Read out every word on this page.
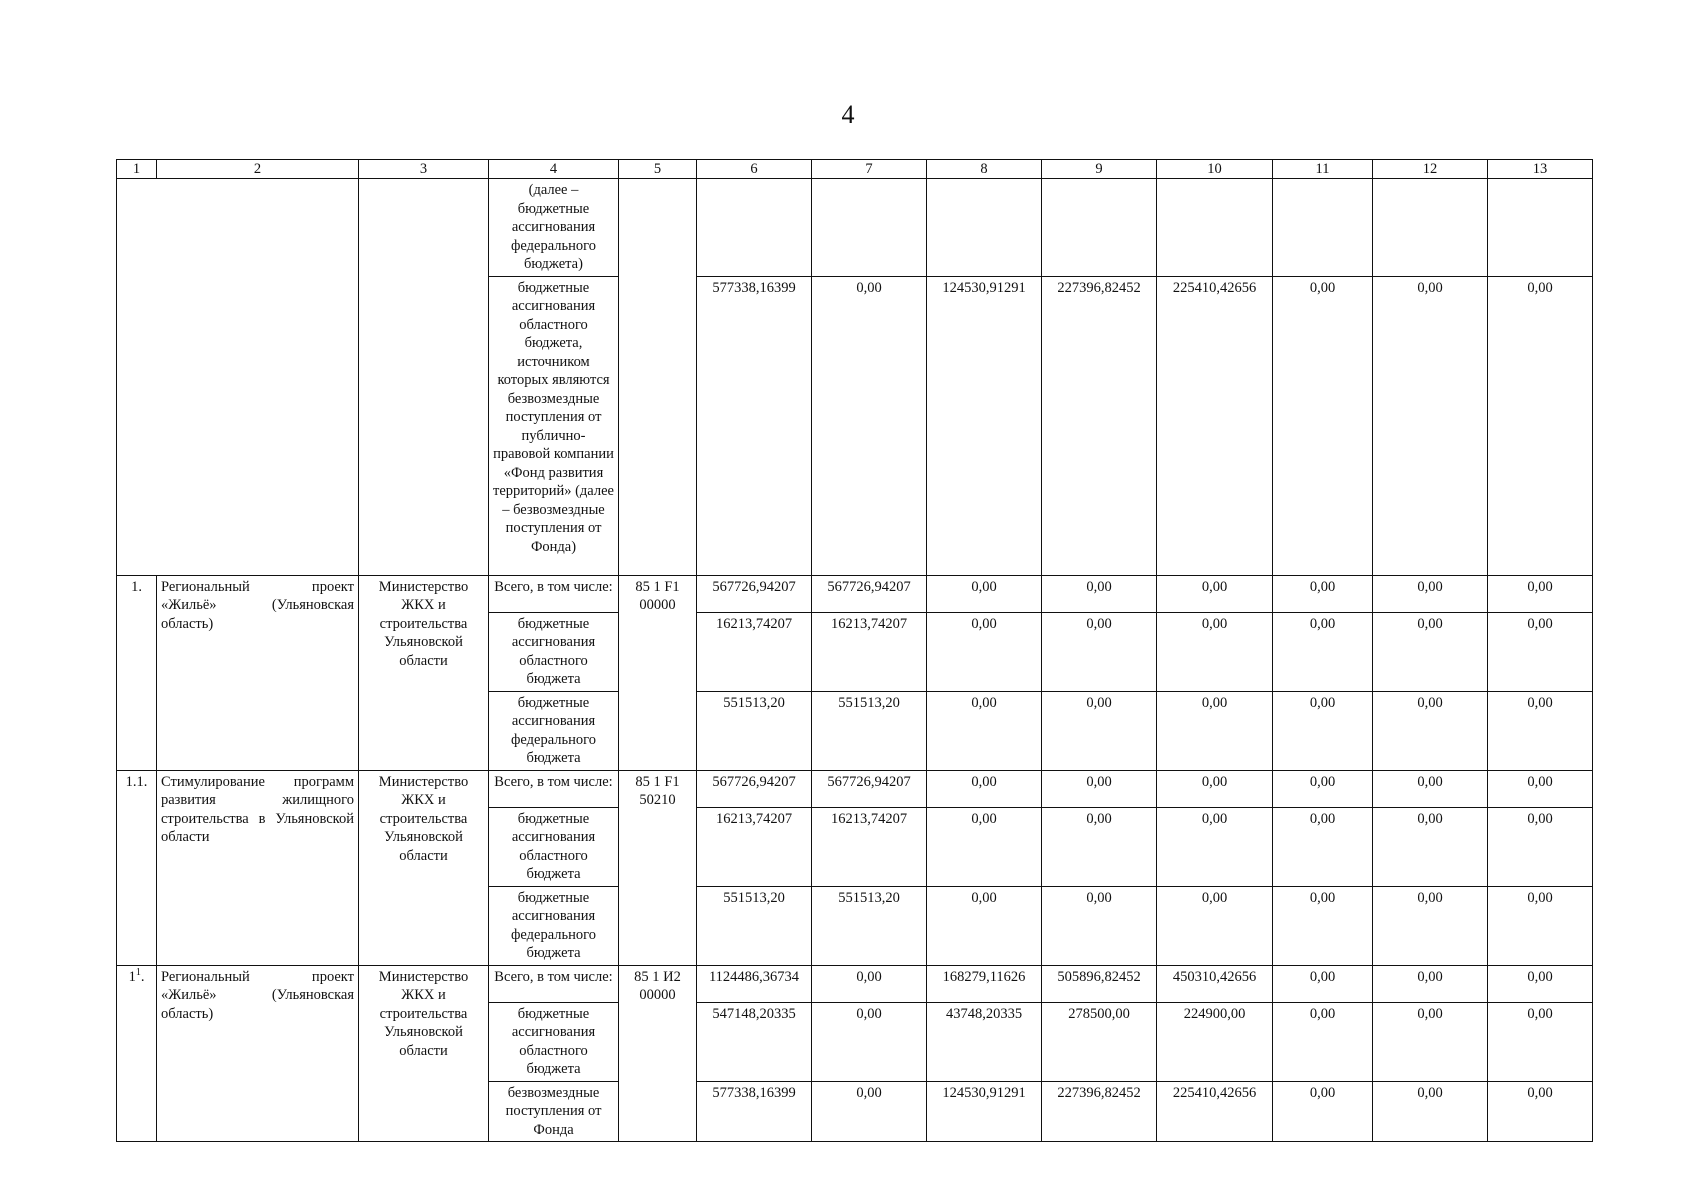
4
1	2	3	4	5	6	7	8	9	10	11	12	13
			(далее – бюджетные ассигнования федерального бюджета)									
			бюджетные ассигнования областного бюджета, источником которых являются безвозмездные поступления от публично-правовой компании «Фонд развития территорий» (далее – безвозмездные поступления от Фонда)		577338,16399	0,00	124530,91291	227396,82452	225410,42656	0,00	0,00	0,00
1.	Региональный проект «Жильё» (Ульяновская область)	Министерство ЖКХ и строительства Ульяновской области	Всего, в том числе:	85 1 F1 00000	567726,94207	567726,94207	0,00	0,00	0,00	0,00	0,00	0,00
			бюджетные ассигнования областного бюджета		16213,74207	16213,74207	0,00	0,00	0,00	0,00	0,00	0,00
			бюджетные ассигнования федерального бюджета		551513,20	551513,20	0,00	0,00	0,00	0,00	0,00	0,00
1.1.	Стимулирование программ развития жилищного строительства в Ульяновской области	Министерство ЖКХ и строительства Ульяновской области	Всего, в том числе:	85 1 F1 50210	567726,94207	567726,94207	0,00	0,00	0,00	0,00	0,00	0,00
			бюджетные ассигнования областного бюджета		16213,74207	16213,74207	0,00	0,00	0,00	0,00	0,00	0,00
			бюджетные ассигнования федерального бюджета		551513,20	551513,20	0,00	0,00	0,00	0,00	0,00	0,00
$1^1$.	Региональный проект «Жильё» (Ульяновская область)	Министерство ЖКХ и строительства Ульяновской области	Всего, в том числе:	85 1 И2 00000	1124486,36734	0,00	168279,11626	505896,82452	450310,42656	0,00	0,00	0,00
			бюджетные ассигнования областного бюджета		547148,20335	0,00	43748,20335	278500,00	224900,00	0,00	0,00	0,00
			безвозмездные поступления от Фонда		577338,16399	0,00	124530,91291	227396,82452	225410,42656	0,00	0,00	0,00
